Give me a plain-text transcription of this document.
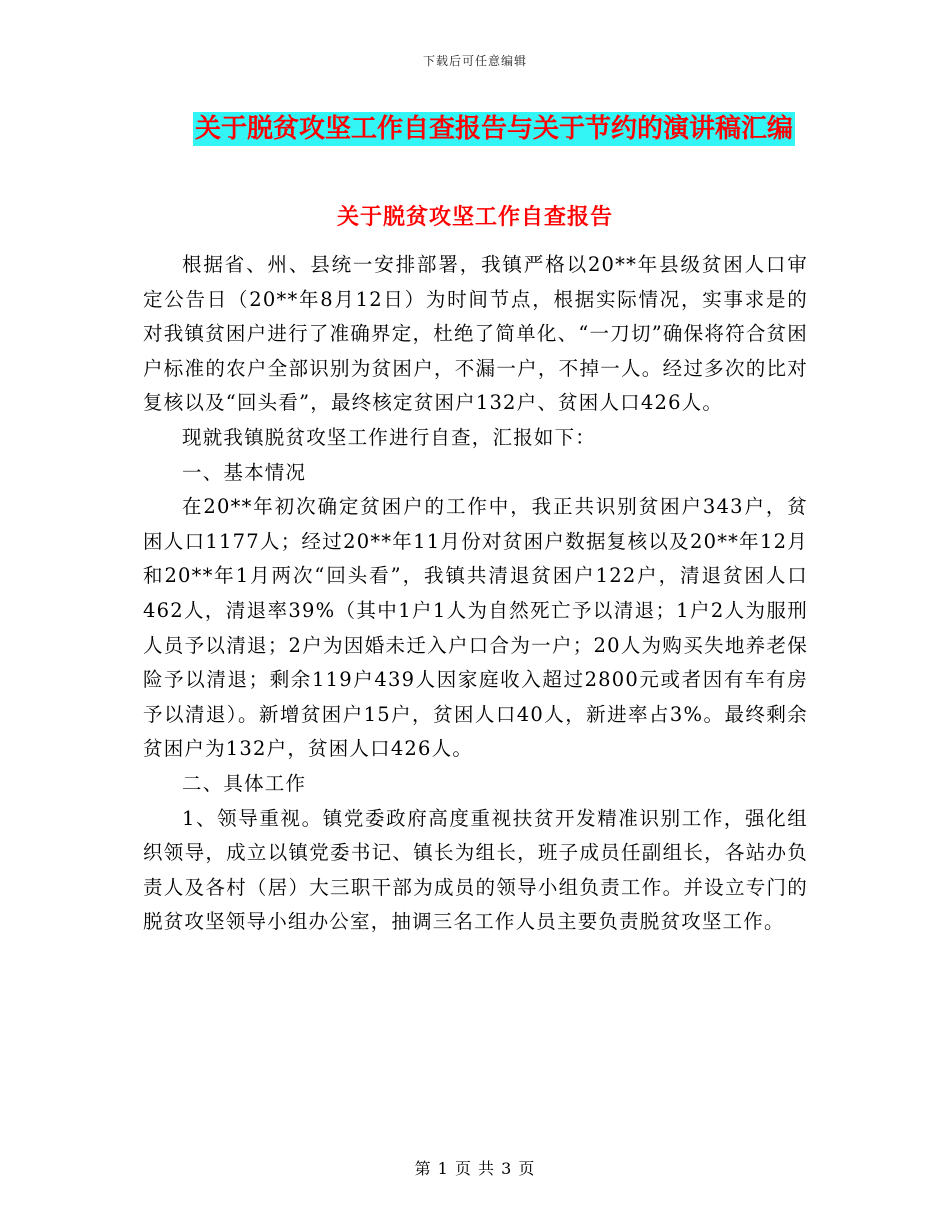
下载后可任意编辑
关于脱贫攻坚工作自查报告与关于节约的演讲稿汇编
关于脱贫攻坚工作自查报告

根据省、州、县统一安排部署，我镇严格以20**年县级贫困人口审定公告日（20**年8月12日）为时间节点，根据实际情况，实事求是的对我镇贫困户进行了准确界定，杜绝了简单化、“一刀切”确保将符合贫困户标准的农户全部识别为贫困户，不漏一户，不掉一人。经过多次的比对复核以及“回头看”，最终核定贫困户132户、贫困人口426人。

现就我镇脱贫攻坚工作进行自查，汇报如下：

一、基本情况

在20**年初次确定贫困户的工作中，我正共识别贫困户343户，贫困人口1177人；经过20**年11月份对贫困户数据复核以及20**年12月和20**年1月两次“回头看”，我镇共清退贫困户122户，清退贫困人口462人，清退率39%（其中1户1人为自然死亡予以清退；1户2人为服刑人员予以清退；2户为因婚未迁入户口合为一户；20人为购买失地养老保险予以清退；剩余119户439人因家庭收入超过2800元或者因有车有房予以清退）。新增贫困户15户，贫困人口40人，新进率占3%。最终剩余贫困户为132户，贫困人口426人。

二、具体工作

1、领导重视。镇党委政府高度重视扶贫开发精准识别工作，强化组织领导，成立以镇党委书记、镇长为组长，班子成员任副组长，各站办负责人及各村（居）大三职干部为成员的领导小组负责工作。并设立专门的脱贫攻坚领导小组办公室，抽调三名工作人员主要负责脱贫攻坚工作。

第 1 页 共 3 页
